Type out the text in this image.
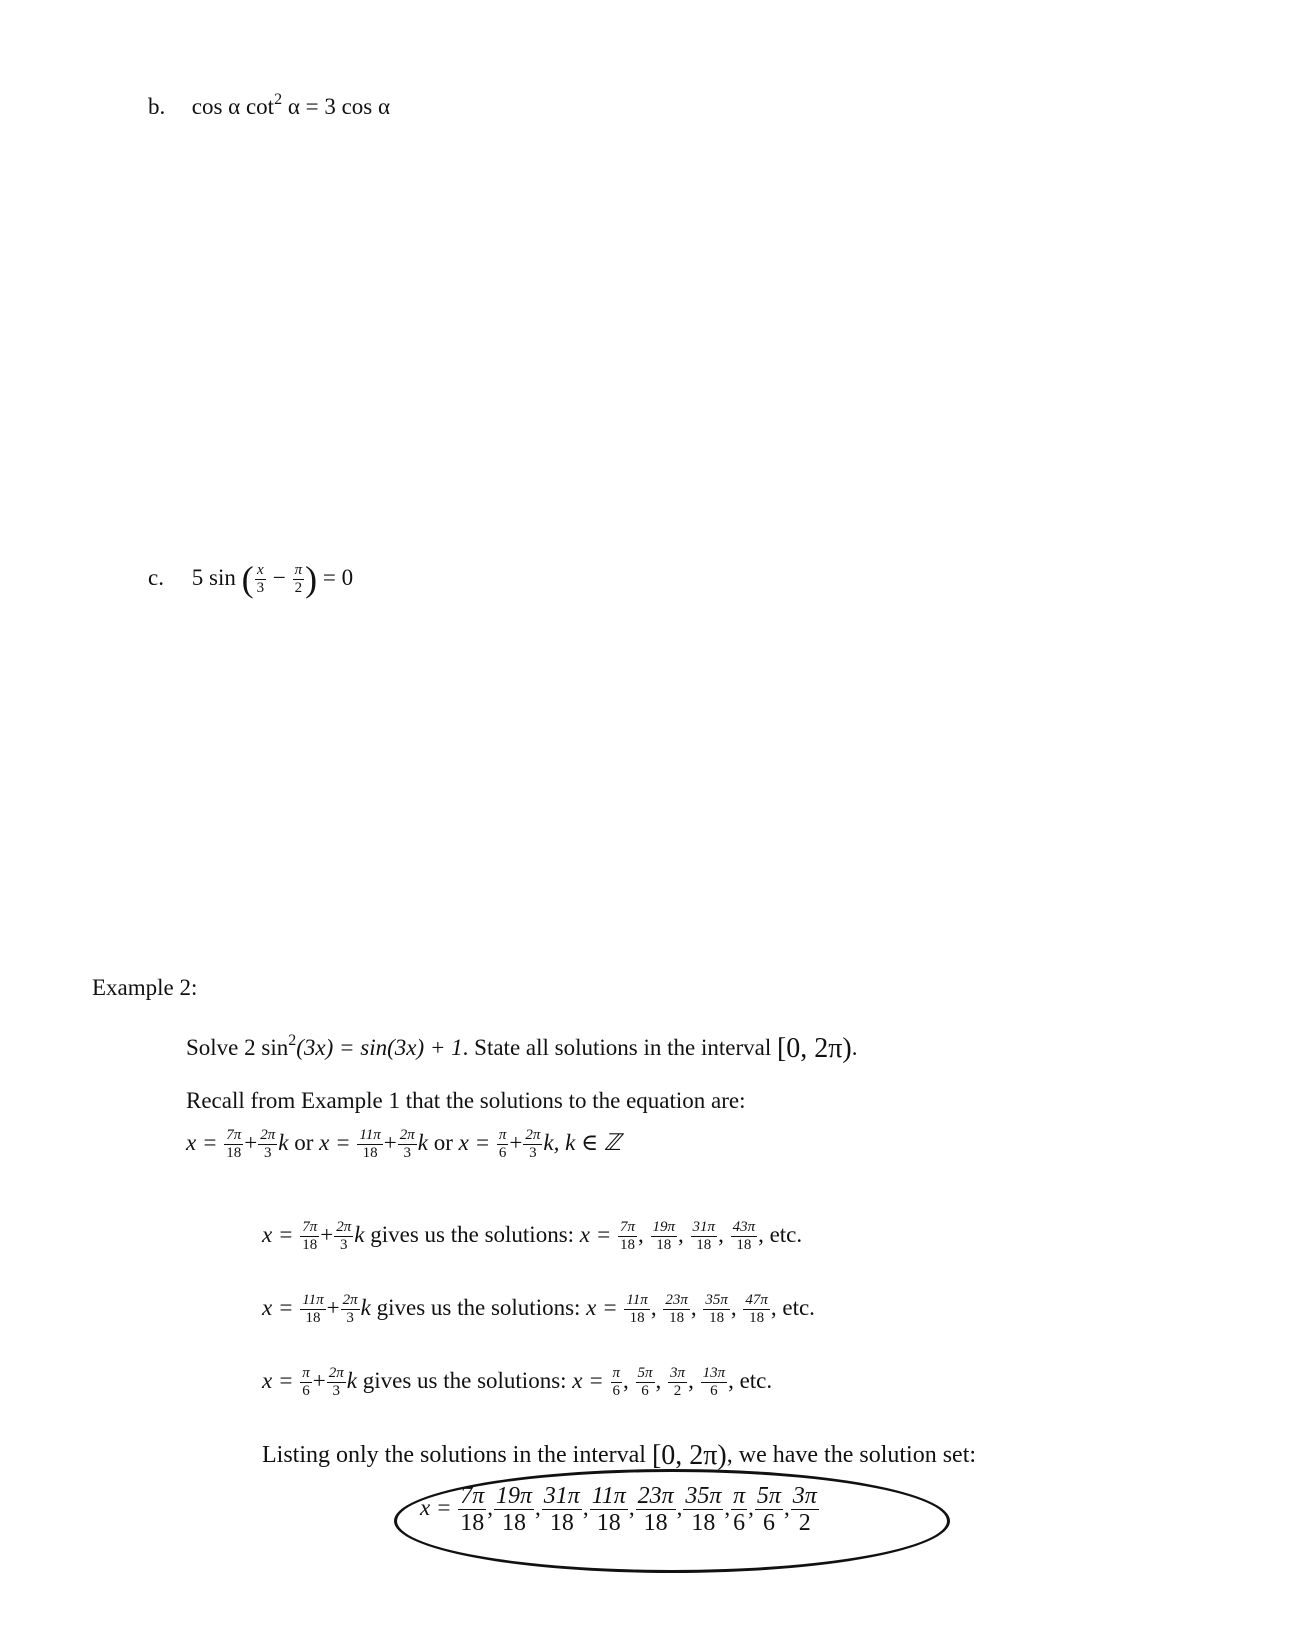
b. cos α $\cot^2 \alpha = 3$ cos α
c. 5 sin ( $\frac{x}{3} - \frac{\pi}{2}$ ) = 0
Example 2:
Solve 2 $\sin^2(3x) = \sin(3x) + 1$. State all solutions in the interval [0, 2π).
Recall from Example 1 that the solutions to the equation are:
$x = \frac{7\pi}{18} + \frac{2\pi}{3}$ k or $x = \frac{11\pi}{18} + \frac{2\pi}{3}$ k or $x = \frac{\pi}{6} + \frac{2\pi}{3} k$, k ∈ ℤ
$x = \frac{7\pi}{18} + \frac{2\pi}{3}$ k gives us the solutions: $x = \frac{7\pi}{18}$ , $\frac{19\pi}{18}$ , $\frac{31\pi}{18}$ , $\frac{43\pi}{18}$ , etc.
$x = \frac{11\pi}{18} + \frac{2\pi}{3}$ k gives us the solutions: $x = \frac{11\pi}{18}$ , $\frac{23\pi}{18}$ , $\frac{35\pi}{18}$ , $\frac{47\pi}{18}$ , etc.
$x = \frac{\pi}{6} + \frac{2\pi}{3}$ k gives us the solutions: $x = \frac{\pi}{6}$ , $\frac{5\pi}{6}$ , $\frac{3\pi}{2}$ , $\frac{13\pi}{6}$ , etc.
Listing only the solutions in the interval [0, 2π), we have the solution set:
$x = \frac{7\pi}{18}$ , $\frac{19\pi}{18}$ , $\frac{31\pi}{18}$ , $\frac{11\pi}{18}$ , $\frac{23\pi}{18}$ , $\frac{35\pi}{18}$ , $\frac{\pi}{6}$ , $\frac{5\pi}{6}$ , $\frac{3\pi}{2}$
